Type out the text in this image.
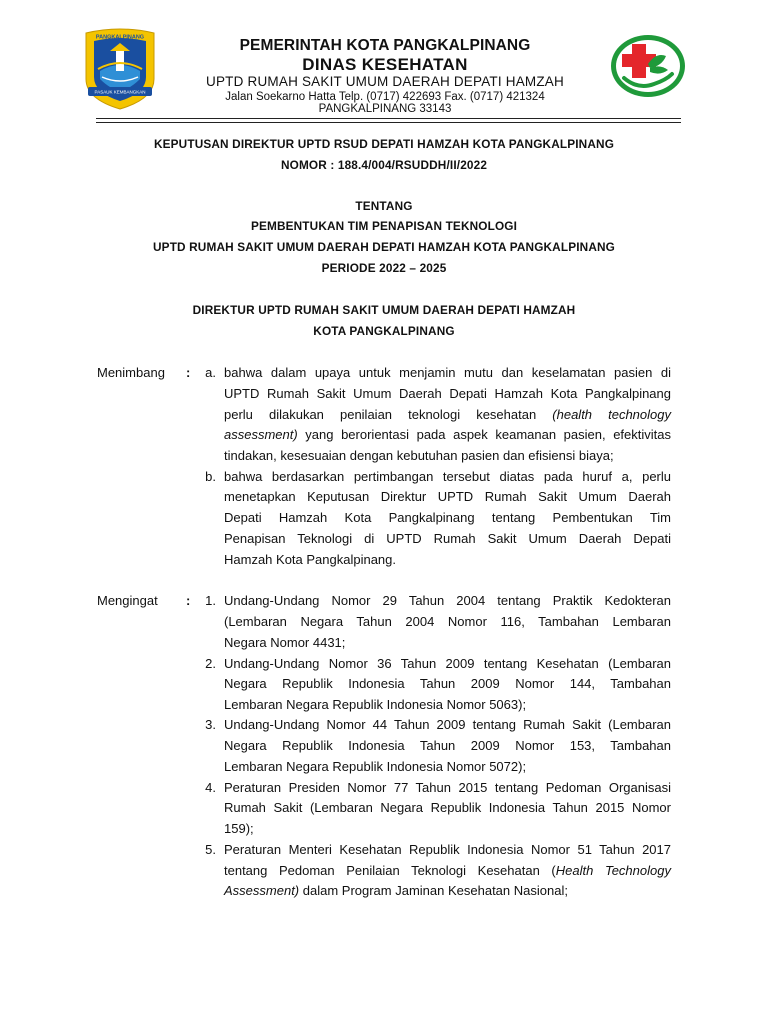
PANGKALPINANG
PASAUK KEMBANGKAN
PEMERINTAH KOTA PANGKALPINANG
DINAS KESEHATAN
UPTD RUMAH SAKIT UMUM DAERAH DEPATI HAMZAH
Jalan Soekarno Hatta Telp. (0717) 422693 Fax. (0717) 421324
PANGKALPINANG 33143
KEPUTUSAN DIREKTUR UPTD RSUD DEPATI HAMZAH KOTA PANGKALPINANG
NOMOR : 188.4/004/RSUDDH/II/2022
TENTANG
PEMBENTUKAN TIM PENAPISAN TEKNOLOGI
UPTD RUMAH SAKIT UMUM DAERAH DEPATI HAMZAH KOTA PANGKALPINANG
PERIODE 2022 – 2025
DIREKTUR UPTD RUMAH SAKIT UMUM DAERAH DEPATI HAMZAH
KOTA PANGKALPINANG
Menimbang :	a. bahwa dalam upaya untuk menjamin mutu dan keselamatan pasien di
UPTD Rumah Sakit Umum Daerah Depati Hamzah Kota Pangkalpinang
perlu dilakukan penilaian teknologi kesehatan (health technology
assessment) yang berorientasi pada aspek keamanan pasien, efektivitas
tindakan, kesesuaian dengan kebutuhan pasien dan efisiensi biaya;
b. bahwa berdasarkan pertimbangan tersebut diatas pada huruf a, perlu
menetapkan Keputusan Direktur UPTD Rumah Sakit Umum Daerah
Depati Hamzah Kota Pangkalpinang tentang Pembentukan Tim
Penapisan Teknologi di UPTD Rumah Sakit Umum Daerah Depati
Hamzah Kota Pangkalpinang.
Mengingat :	1. Undang-Undang Nomor 29 Tahun 2004 tentang Praktik Kedokteran
(Lembaran Negara Tahun 2004 Nomor 116, Tambahan Lembaran
Negara Nomor 4431;
2. Undang-Undang Nomor 36 Tahun 2009 tentang Kesehatan (Lembaran
Negara Republik Indonesia Tahun 2009 Nomor 144, Tambahan
Lembaran Negara Republik Indonesia Nomor 5063);
3. Undang-Undang Nomor 44 Tahun 2009 tentang Rumah Sakit (Lembaran
Negara Republik Indonesia Tahun 2009 Nomor 153, Tambahan
Lembaran Negara Republik Indonesia Nomor 5072);
4. Peraturan Presiden Nomor 77 Tahun 2015 tentang Pedoman Organisasi
Rumah Sakit (Lembaran Negara Republik Indonesia Tahun 2015 Nomor
159);
5. Peraturan Menteri Kesehatan Republik Indonesia Nomor 51 Tahun 2017
tentang Pedoman Penilaian Teknologi Kesehatan (Health Technology
Assessment) dalam Program Jaminan Kesehatan Nasional;
